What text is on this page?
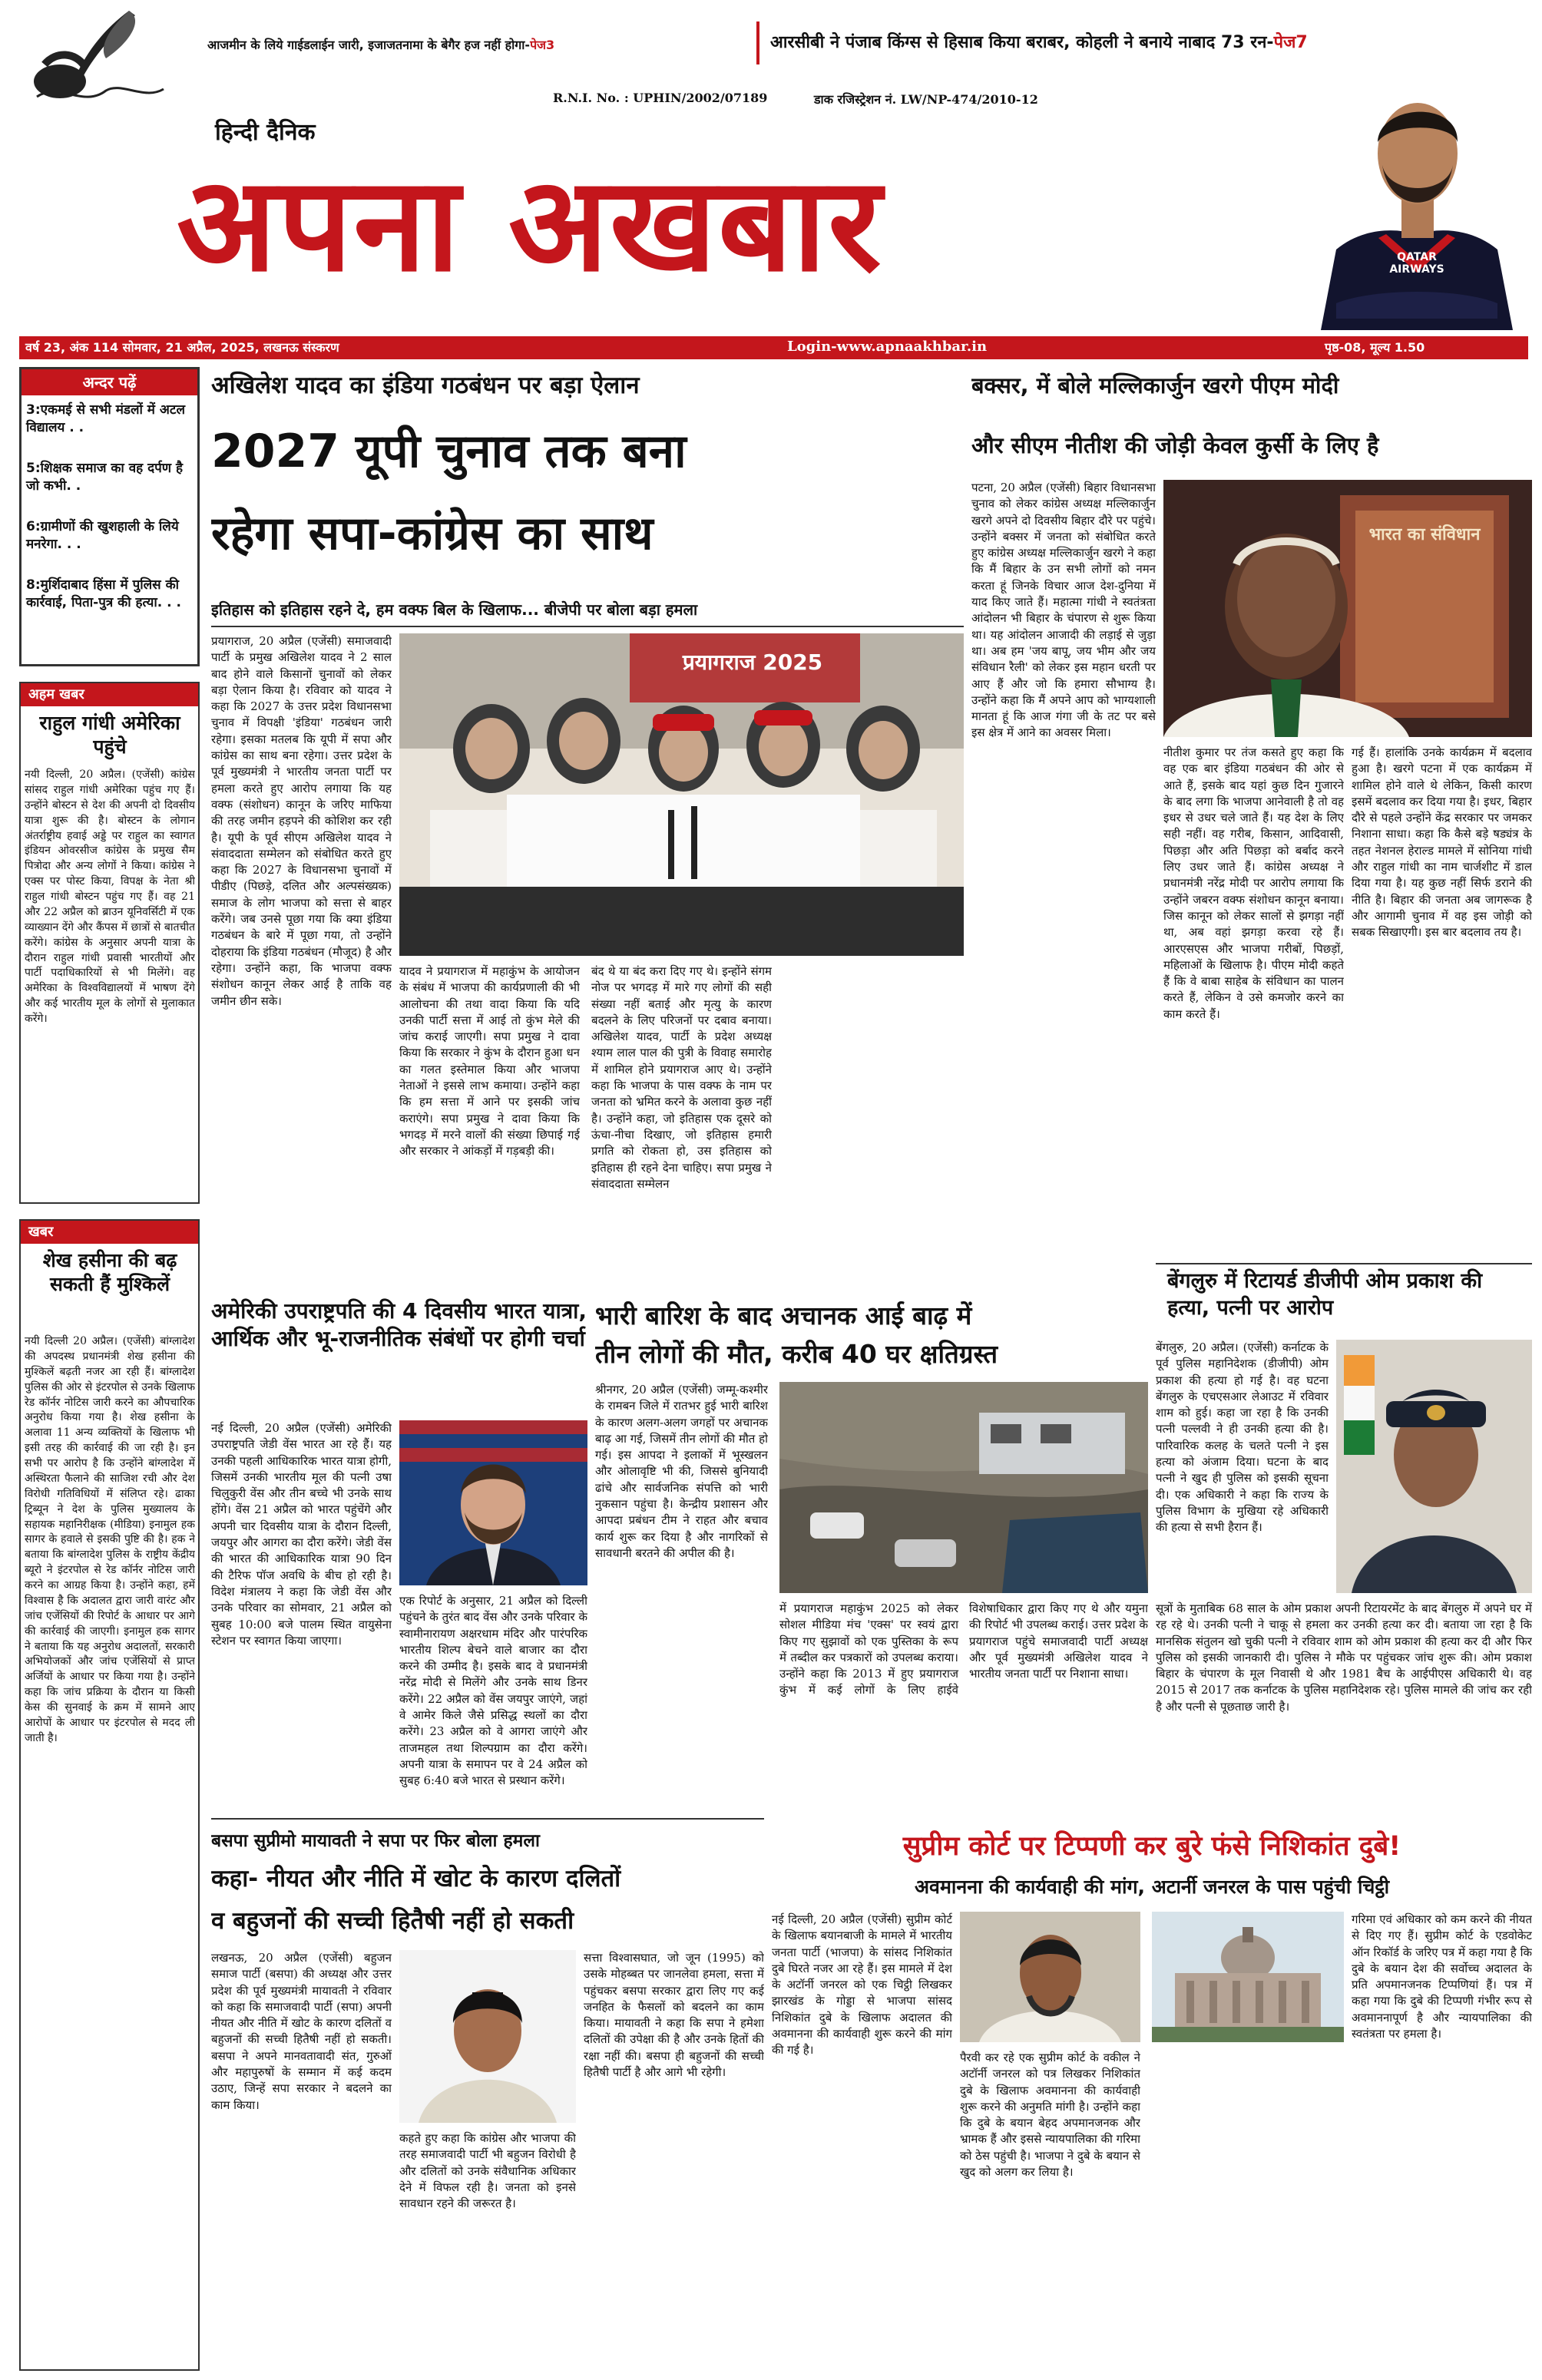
आजमीन के लिये गाईडलाईन जारी, इजाजतनामा के बेगैर हज नहीं होगा-पेज3	आरसीबी ने पंजाब किंग्स से हिसाब किया बराबर, कोहली ने बनाये नाबाद 73 रन-पेज7
R.N.I. No. : UPHIN/2002/07189	डाक रजिस्ट्रेशन नं. LW/NP-474/2010-12
हिन्दी दैनिक
अपना अखबार	QATAR AIRWAYS
वर्ष 23, अंक 114 सोमवार, 21 अप्रैल, 2025, लखनऊ संस्करण	Login-www.apnaakhbar.in	पृष्ठ-08, मूल्य 1.50
अन्दर पढ़ें
3:एकमई से सभी मंडलों में अटल विद्यालय . .
5:शिक्षक समाज का वह दर्पण है जो कभी. .
6:ग्रामीणों की खुशहाली के लिये मनरेगा. . .
8:मुर्शिदाबाद हिंसा में पुलिस की कार्रवाई, पिता-पुत्र की हत्या. . .
अहम खबर
राहुल गांधी अमेरिका पहुंचे
नयी दिल्ली, 20 अप्रैल। (एजेंसी) कांग्रेस सांसद राहुल गांधी अमेरिका पहुंच गए हैं। उन्होंने बोस्टन से देश की अपनी दो दिवसीय यात्रा शुरू की है। बोस्टन के लोगान अंतर्राष्ट्रीय हवाई अड्डे पर राहुल का स्वागत इंडियन ओवरसीज कांग्रेस के प्रमुख सैम पित्रोदा और अन्य लोगों ने किया। कांग्रेस ने एक्स पर पोस्ट किया, विपक्ष के नेता श्री राहुल गांधी बोस्टन पहुंच गए हैं। वह 21 और 22 अप्रैल को ब्राउन यूनिवर्सिटी में एक व्याख्यान देंगे और कैंपस में छात्रों से बातचीत करेंगे। कांग्रेस के अनुसार अपनी यात्रा के दौरान राहुल गांधी प्रवासी भारतीयों और पार्टी पदाधिकारियों से भी मिलेंगे। वह अमेरिका के विश्वविद्यालयों में भाषण देंगे और कई भारतीय मूल के लोगों से मुलाकात करेंगे।
खबर
शेख हसीना की बढ़ सकती हैं मुश्किलें
नयी दिल्ली 20 अप्रैल। (एजेंसी) बांग्लादेश की अपदस्थ प्रधानमंत्री शेख हसीना की मुश्किलें बढ़ती नजर आ रही हैं। बांग्लादेश पुलिस की ओर से इंटरपोल से उनके खिलाफ रेड कॉर्नर नोटिस जारी करने का औपचारिक अनुरोध किया गया है। शेख हसीना के अलावा 11 अन्य व्यक्तियों के खिलाफ भी इसी तरह की कार्रवाई की जा रही है। इन सभी पर आरोप है कि उन्होंने बांग्लादेश में अस्थिरता फैलाने की साजिश रची और देश विरोधी गतिविधियों में संलिप्त रहे। ढाका ट्रिब्यून ने देश के पुलिस मुख्यालय के सहायक महानिरीक्षक (मीडिया) इनामुल हक सागर के हवाले से इसकी पुष्टि की है। हक ने बताया कि बांग्लादेश पुलिस के राष्ट्रीय केंद्रीय ब्यूरो ने इंटरपोल से रेड कॉर्नर नोटिस जारी करने का आग्रह किया है। उन्होंने कहा, हमें विश्वास है कि अदालत द्वारा जारी वारंट और जांच एजेंसियों की रिपोर्ट के आधार पर आगे की कार्रवाई की जाएगी। इनामुल हक सागर ने बताया कि यह अनुरोध अदालतों, सरकारी अभियोजकों और जांच एजेंसियों से प्राप्त अर्जियों के आधार पर किया गया है। उन्होंने कहा कि जांच प्रक्रिया के दौरान या किसी केस की सुनवाई के क्रम में सामने आए आरोपों के आधार पर इंटरपोल से मदद ली जाती है।
अखिलेश यादव का इंडिया गठबंधन पर बड़ा ऐलान
2027 यूपी चुनाव तक बना
रहेगा सपा-कांग्रेस का साथ
इतिहास को इतिहास रहने दे, हम वक्फ बिल के खिलाफ... बीजेपी पर बोला बड़ा हमला
प्रयागराज, 20 अप्रैल (एजेंसी) समाजवादी पार्टी के प्रमुख अखिलेश यादव ने 2 साल बाद होने वाले किसानों चुनावों को लेकर बड़ा ऐलान किया है। रविवार को यादव ने कहा कि 2027 के उत्तर प्रदेश विधानसभा चुनाव में विपक्षी 'इंडिया' गठबंधन जारी रहेगा। इसका मतलब कि यूपी में सपा और कांग्रेस का साथ बना रहेगा। उत्तर प्रदेश के पूर्व मुख्यमंत्री ने भारतीय जनता पार्टी पर हमला करते हुए आरोप लगाया कि यह वक्फ (संशोधन) कानून के जरिए माफिया की तरह जमीन हड़पने की कोशिश कर रही है। यूपी के पूर्व सीएम अखिलेश यादव ने संवाददाता सम्मेलन को संबोधित करते हुए कहा कि 2027 के विधानसभा चुनावों में पीडीए (पिछड़े, दलित और अल्पसंख्यक) समाज के लोग भाजपा को सत्ता से बाहर करेंगे। जब उनसे पूछा गया कि क्या इंडिया गठबंधन के बारे में पूछा गया, तो उन्होंने दोहराया कि इंडिया गठबंधन (मौजूद) है और रहेगा। उन्होंने कहा, कि भाजपा वक्फ संशोधन कानून लेकर आई है ताकि वह जमीन छीन सके।
प्रयागराज 2025
यादव ने प्रयागराज में महाकुंभ के आयोजन के संबंध में भाजपा की कार्यप्रणाली की भी आलोचना की तथा वादा किया कि यदि उनकी पार्टी सत्ता में आई तो कुंभ मेले की जांच कराई जाएगी। सपा प्रमुख ने दावा किया कि सरकार ने कुंभ के दौरान हुआ धन का गलत इस्तेमाल किया और भाजपा नेताओं ने इससे लाभ कमाया। उन्होंने कहा कि हम सत्ता में आने पर इसकी जांच कराएंगे। सपा प्रमुख ने दावा किया कि भगदड़ में मरने वालों की संख्या छिपाई गई और सरकार ने आंकड़ों में गड़बड़ी की।
बंद थे या बंद करा दिए गए थे। इन्होंने संगम नोज पर भगदड़ में मारे गए लोगों की सही संख्या नहीं बताई और मृत्यु के कारण बदलने के लिए परिजनों पर दबाव बनाया। अखिलेश यादव, पार्टी के प्रदेश अध्यक्ष श्याम लाल पाल की पुत्री के विवाह समारोह में शामिल होने प्रयागराज आए थे। उन्होंने कहा कि भाजपा के पास वक्फ के नाम पर जनता को भ्रमित करने के अलावा कुछ नहीं है। उन्होंने कहा, जो इतिहास एक दूसरे को ऊंचा-नीचा दिखाए, जो इतिहास हमारी प्रगति को रोकता हो, उस इतिहास को इतिहास ही रहने देना चाहिए। सपा प्रमुख ने संवाददाता सम्मेलन
भारी बारिश के बाद अचानक आई बाढ़ में
तीन लोगों की मौत, करीब 40 घर क्षतिग्रस्त
श्रीनगर, 20 अप्रैल (एजेंसी) जम्मू-कश्मीर के रामबन जिले में रातभर हुई भारी बारिश के कारण अलग-अलग जगहों पर अचानक बाढ़ आ गई, जिसमें तीन लोगों की मौत हो गई। इस आपदा ने इलाकों में भूस्खलन और ओलावृष्टि भी की, जिससे बुनियादी ढांचे और सार्वजनिक संपत्ति को भारी नुकसान पहुंचा है। केन्द्रीय प्रशासन और आपदा प्रबंधन टीम ने राहत और बचाव कार्य शुरू कर दिया है और नागरिकों से सावधानी बरतने की अपील की है।
में प्रयागराज महाकुंभ 2025 को लेकर सोशल मीडिया मंच 'एक्स' पर स्वयं द्वारा किए गए सुझावों को एक पुस्तिका के रूप में तब्दील कर पत्रकारों को उपलब्ध कराया। उन्होंने कहा कि 2013 में हुए प्रयागराज कुंभ में कई लोगों के लिए हाईवे विशेषाधिकार द्वारा किए गए थे और यमुना की रिपोर्ट भी उपलब्ध कराई। उत्तर प्रदेश के प्रयागराज पहुंचे समाजवादी पार्टी अध्यक्ष और पूर्व मुख्यमंत्री अखिलेश यादव ने भारतीय जनता पार्टी पर निशाना साधा।
बक्सर, में बोले मल्लिकार्जुन खरगे पीएम मोदी
और सीएम नीतीश की जोड़ी केवल कुर्सी के लिए है
पटना, 20 अप्रैल (एजेंसी) बिहार विधानसभा चुनाव को लेकर कांग्रेस अध्यक्ष मल्लिकार्जुन खरगे अपने दो दिवसीय बिहार दौरे पर पहुंचे। उन्होंने बक्सर में जनता को संबोधित करते हुए कांग्रेस अध्यक्ष मल्लिकार्जुन खरगे ने कहा कि मैं बिहार के उन सभी लोगों को नमन करता हूं जिनके विचार आज देश-दुनिया में याद किए जाते हैं। महात्मा गांधी ने स्वतंत्रता आंदोलन भी बिहार के चंपारण से शुरू किया था। यह आंदोलन आजादी की लड़ाई से जुड़ा था। अब हम 'जय बापू, जय भीम और जय संविधान रैली' को लेकर इस महान धरती पर आए हैं और जो कि हमारा सौभाग्य है। उन्होंने कहा कि मैं अपने आप को भाग्यशाली मानता हूं कि आज गंगा जी के तट पर बसे इस क्षेत्र में आने का अवसर मिला।
भारत का संविधान
नीतीश कुमार पर तंज कसते हुए कहा कि वह एक बार इंडिया गठबंधन की ओर से आते हैं, इसके बाद यहां कुछ दिन गुजारने के बाद लगा कि भाजपा आनेवाली है तो वह इधर से उधर चले जाते हैं। यह देश के लिए सही नहीं। वह गरीब, किसान, आदिवासी, पिछड़ा और अति पिछड़ा को बर्बाद करने लिए उधर जाते हैं। कांग्रेस अध्यक्ष ने प्रधानमंत्री नरेंद्र मोदी पर आरोप लगाया कि उन्होंने जबरन वक्फ संशोधन कानून बनाया। जिस कानून को लेकर सालों से झगड़ा नहीं था, अब वहां झगड़ा करवा रहे हैं। आरएसएस और भाजपा गरीबों, पिछड़ों, महिलाओं के खिलाफ है। पीएम मोदी कहते हैं कि वे बाबा साहेब के संविधान का पालन करते हैं, लेकिन वे उसे कमजोर करने का काम करते हैं।
गई हैं। हालांकि उनके कार्यक्रम में बदलाव हुआ है। खरगे पटना में एक कार्यक्रम में शामिल होने वाले थे लेकिन, किसी कारण इसमें बदलाव कर दिया गया है। इधर, बिहार दौरे से पहले उन्होंने केंद्र सरकार पर जमकर निशाना साधा। कहा कि कैसे बड़े षड्यंत्र के तहत नेशनल हेराल्ड मामले में सोनिया गांधी और राहुल गांधी का नाम चार्जशीट में डाल दिया गया है। यह कुछ नहीं सिर्फ डराने की नीति है। बिहार की जनता अब जागरूक है और आगामी चुनाव में वह इस जोड़ी को सबक सिखाएगी। इस बार बदलाव तय है।
बेंगलुरु में रिटायर्ड डीजीपी ओम प्रकाश की हत्या, पत्नी पर आरोप
बेंगलुरु, 20 अप्रैल। (एजेंसी) कर्नाटक के पूर्व पुलिस महानिदेशक (डीजीपी) ओम प्रकाश की हत्या हो गई है। वह घटना बेंगलुरु के एचएसआर लेआउट में रविवार शाम को हुई। कहा जा रहा है कि उनकी पत्नी पल्लवी ने ही उनकी हत्या की है। पारिवारिक कलह के चलते पत्नी ने इस हत्या को अंजाम दिया। घटना के बाद पत्नी ने खुद ही पुलिस को इसकी सूचना दी। एक अधिकारी ने कहा कि राज्य के पुलिस विभाग के मुखिया रहे अधिकारी की हत्या से सभी हैरान हैं।
सूत्रों के मुताबिक 68 साल के ओम प्रकाश अपनी रिटायरमेंट के बाद बेंगलुरु में अपने घर में रह रहे थे। उनकी पत्नी ने चाकू से हमला कर उनकी हत्या कर दी। बताया जा रहा है कि मानसिक संतुलन खो चुकी पत्नी ने रविवार शाम को ओम प्रकाश की हत्या कर दी और फिर पुलिस को इसकी जानकारी दी। पुलिस ने मौके पर पहुंचकर जांच शुरू की। ओम प्रकाश बिहार के चंपारण के मूल निवासी थे और 1981 बैच के आईपीएस अधिकारी थे। वह 2015 से 2017 तक कर्नाटक के पुलिस महानिदेशक रहे। पुलिस मामले की जांच कर रही है और पत्नी से पूछताछ जारी है।
अमेरिकी उपराष्ट्रपति की 4 दिवसीय भारत यात्रा, आर्थिक और भू-राजनीतिक संबंधों पर होगी चर्चा
नई दिल्ली, 20 अप्रैल (एजेंसी) अमेरिकी उपराष्ट्रपति जेडी वेंस भारत आ रहे हैं। यह उनकी पहली आधिकारिक भारत यात्रा होगी, जिसमें उनकी भारतीय मूल की पत्नी उषा चिलुकुरी वेंस और तीन बच्चे भी उनके साथ होंगे। वेंस 21 अप्रैल को भारत पहुंचेंगे और अपनी चार दिवसीय यात्रा के दौरान दिल्ली, जयपुर और आगरा का दौरा करेंगे। जेडी वेंस की भारत की आधिकारिक यात्रा 90 दिन की टैरिफ पॉज अवधि के बीच हो रही है। विदेश मंत्रालय ने कहा कि जेडी वेंस और उनके परिवार का सोमवार, 21 अप्रैल को सुबह 10:00 बजे पालम स्थित वायुसेना स्टेशन पर स्वागत किया जाएगा।
एक रिपोर्ट के अनुसार, 21 अप्रैल को दिल्ली पहुंचने के तुरंत बाद वेंस और उनके परिवार के स्वामीनारायण अक्षरधाम मंदिर और पारंपरिक भारतीय शिल्प बेचने वाले बाजार का दौरा करने की उम्मीद है। इसके बाद वे प्रधानमंत्री नरेंद्र मोदी से मिलेंगे और उनके साथ डिनर करेंगे। 22 अप्रैल को वेंस जयपुर जाएंगे, जहां वे आमेर किले जैसे प्रसिद्ध स्थलों का दौरा करेंगे। 23 अप्रैल को वे आगरा जाएंगे और ताजमहल तथा शिल्पग्राम का दौरा करेंगे। अपनी यात्रा के समापन पर वे 24 अप्रैल को सुबह 6:40 बजे भारत से प्रस्थान करेंगे।
बसपा सुप्रीमो मायावती ने सपा पर फिर बोला हमला
कहा- नीयत और नीति में खोट के कारण दलितों
व बहुजनों की सच्ची हितैषी नहीं हो सकती
लखनऊ, 20 अप्रैल (एजेंसी) बहुजन समाज पार्टी (बसपा) की अध्यक्ष और उत्तर प्रदेश की पूर्व मुख्यमंत्री मायावती ने रविवार को कहा कि समाजवादी पार्टी (सपा) अपनी नीयत और नीति में खोट के कारण दलितों व बहुजनों की सच्ची हितैषी नहीं हो सकती। बसपा ने अपने मानवतावादी संत, गुरुओं और महापुरुषों के सम्मान में कई कदम उठाए, जिन्हें सपा सरकार ने बदलने का काम किया।
कहते हुए कहा कि कांग्रेस और भाजपा की तरह समाजवादी पार्टी भी बहुजन विरोधी है और दलितों को उनके संवैधानिक अधिकार देने में विफल रही है। जनता को इनसे सावधान रहने की जरूरत है।
सत्ता विश्वासघात, जो जून (1995) को उसके मोहब्बत पर जानलेवा हमला, सत्ता में पहुंचकर बसपा सरकार द्वारा लिए गए कई जनहित के फैसलों को बदलने का काम किया। मायावती ने कहा कि सपा ने हमेशा दलितों की उपेक्षा की है और उनके हितों की रक्षा नहीं की। बसपा ही बहुजनों की सच्ची हितैषी पार्टी है और आगे भी रहेगी।
सुप्रीम कोर्ट पर टिप्पणी कर बुरे फंसे निशिकांत दुबे!
अवमानना की कार्यवाही की मांग, अटार्नी जनरल के पास पहुंची चिट्ठी
नई दिल्ली, 20 अप्रैल (एजेंसी) सुप्रीम कोर्ट के खिलाफ बयानबाजी के मामले में भारतीय जनता पार्टी (भाजपा) के सांसद निशिकांत दुबे घिरते नजर आ रहे हैं। इस मामले में देश के अटॉर्नी जनरल को एक चिट्ठी लिखकर झारखंड के गोड्डा से भाजपा सांसद निशिकांत दुबे के खिलाफ अदालत की अवमानना की कार्यवाही शुरू करने की मांग की गई है।
पैरवी कर रहे एक सुप्रीम कोर्ट के वकील ने अटॉर्नी जनरल को पत्र लिखकर निशिकांत दुबे के खिलाफ अवमानना की कार्यवाही शुरू करने की अनुमति मांगी है। उन्होंने कहा कि दुबे के बयान बेहद अपमानजनक और भ्रामक हैं और इससे न्यायपालिका की गरिमा को ठेस पहुंची है। भाजपा ने दुबे के बयान से खुद को अलग कर लिया है।
गरिमा एवं अधिकार को कम करने की नीयत से दिए गए हैं। सुप्रीम कोर्ट के एडवोकेट ऑन रिकॉर्ड के जरिए पत्र में कहा गया है कि दुबे के बयान देश की सर्वोच्च अदालत के प्रति अपमानजनक टिप्पणियां हैं। पत्र में कहा गया कि दुबे की टिप्पणी गंभीर रूप से अवमाननापूर्ण है और न्यायपालिका की स्वतंत्रता पर हमला है।
